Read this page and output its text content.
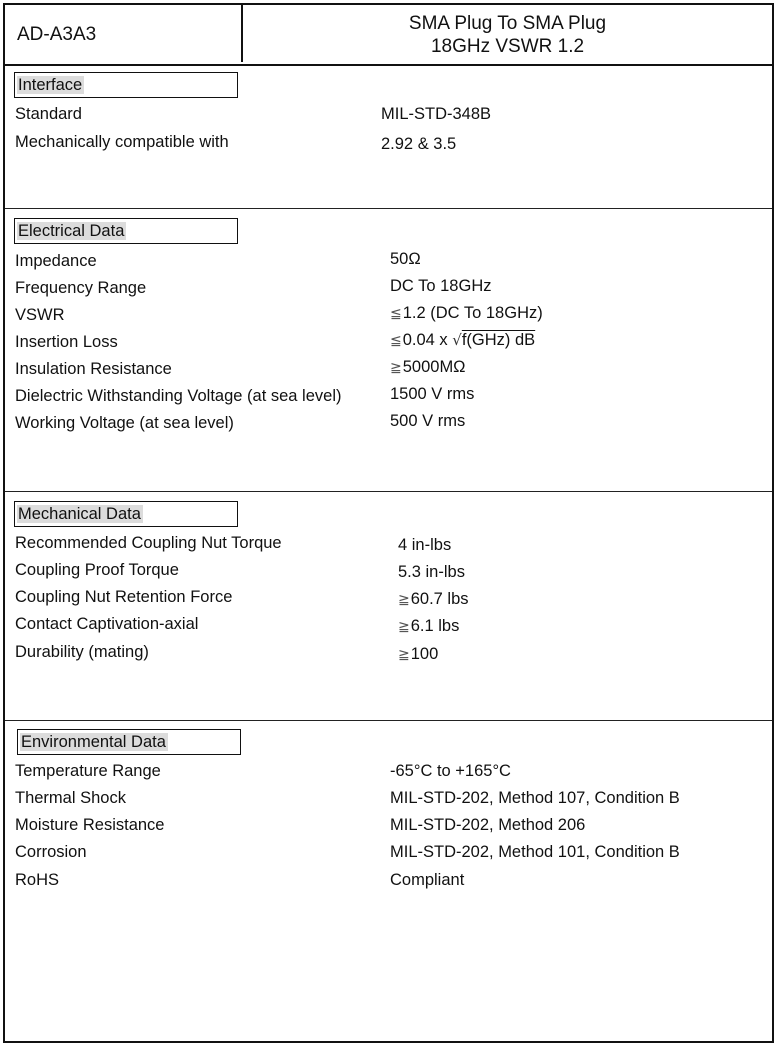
AD-A3A3
SMA Plug To SMA Plug
18GHz VSWR 1.2
Interface
Standard	MIL-STD-348B
Mechanically compatible with	2.92 & 3.5
Electrical Data
Impedance	50Ω
Frequency Range	DC To 18GHz
VSWR	≦1.2 (DC To 18GHz)
Insertion Loss	≦0.04 x √f(GHz) dB
Insulation Resistance	≧5000MΩ
Dielectric Withstanding Voltage (at sea level)	1500 V rms
Working Voltage (at sea level)	500 V rms
Mechanical Data
Recommended Coupling Nut Torque	4 in-lbs
Coupling Proof Torque	5.3 in-lbs
Coupling Nut Retention Force	≧60.7 lbs
Contact Captivation-axial	≧6.1 lbs
Durability (mating)	≧100
Environmental Data
Temperature Range	-65°C to +165°C
Thermal Shock	MIL-STD-202, Method 107, Condition B
Moisture Resistance	MIL-STD-202, Method 206
Corrosion	MIL-STD-202, Method 101, Condition B
RoHS	Compliant
